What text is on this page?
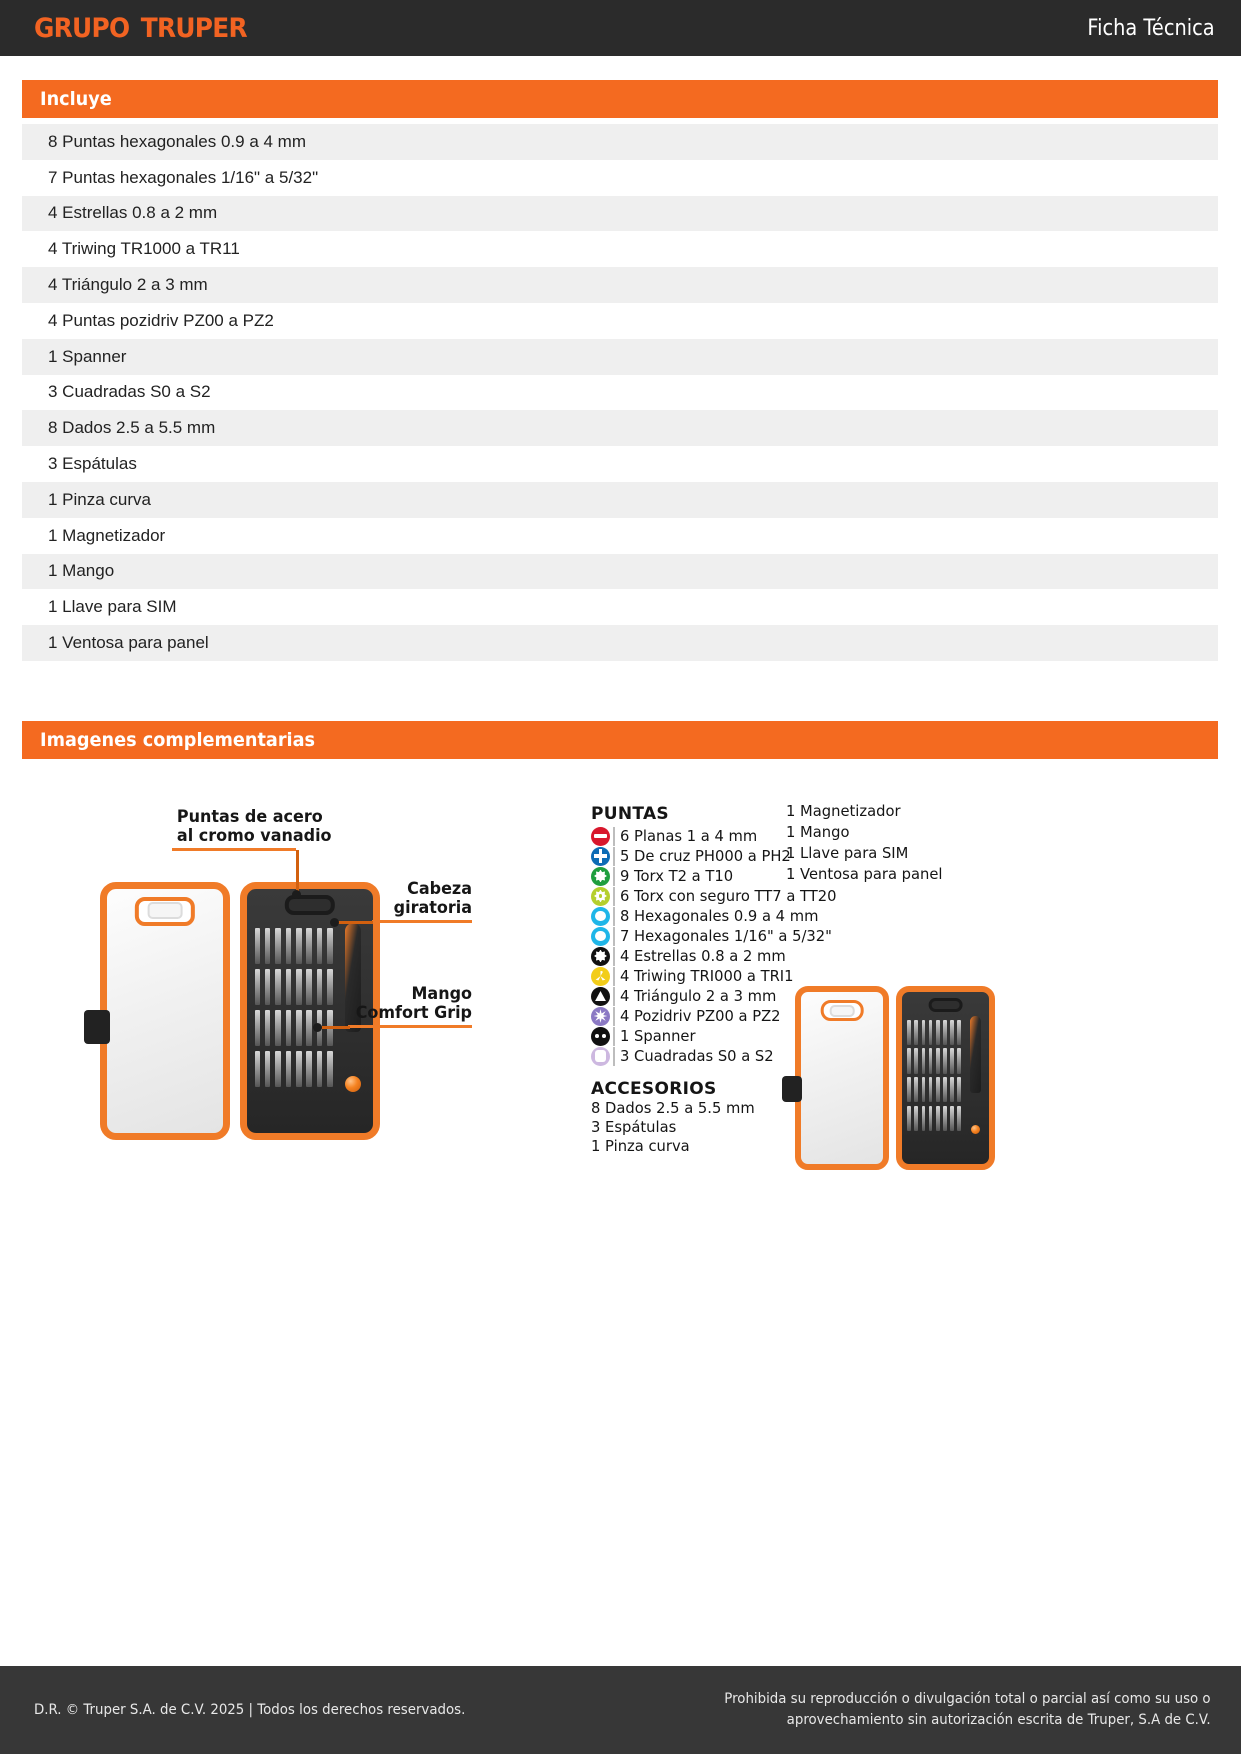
GRUPO TRUPER	Ficha Técnica
Incluye
8 Puntas hexagonales 0.9 a 4 mm
7 Puntas hexagonales 1/16" a 5/32"
4 Estrellas 0.8 a 2 mm
4 Triwing TR1000 a TR11
4 Triángulo 2 a 3 mm
4 Puntas pozidriv PZ00 a PZ2
1 Spanner
3 Cuadradas S0 a S2
8 Dados 2.5 a 5.5 mm
3 Espátulas
1 Pinza curva
1 Magnetizador
1 Mango
1 Llave para SIM
1 Ventosa para panel
Imagenes complementarias
Puntas de acero
al cromo vanadio
Cabeza
giratoria
Mango
Comfort Grip
PUNTAS
6 Planas 1 a 4 mm
5 De cruz PH000 a PH2
9 Torx T2 a T10
6 Torx con seguro TT7 a TT20
8 Hexagonales 0.9 a 4 mm
7 Hexagonales 1/16" a 5/32"
4 Estrellas 0.8 a 2 mm
4 Triwing TRI000 a TRI1
4 Triángulo 2 a 3 mm
4 Pozidriv PZ00 a PZ2
1 Spanner
3 Cuadradas S0 a S2
ACCESORIOS
8 Dados 2.5 a 5.5 mm
3 Espátulas
1 Pinza curva
1 Magnetizador
1 Mango
1 Llave para SIM
1 Ventosa para panel
D.R. © Truper S.A. de C.V. 2025 | Todos los derechos reservados.
Prohibida su reproducción o divulgación total o parcial así como su uso o
aprovechamiento sin autorización escrita de Truper, S.A de C.V.
